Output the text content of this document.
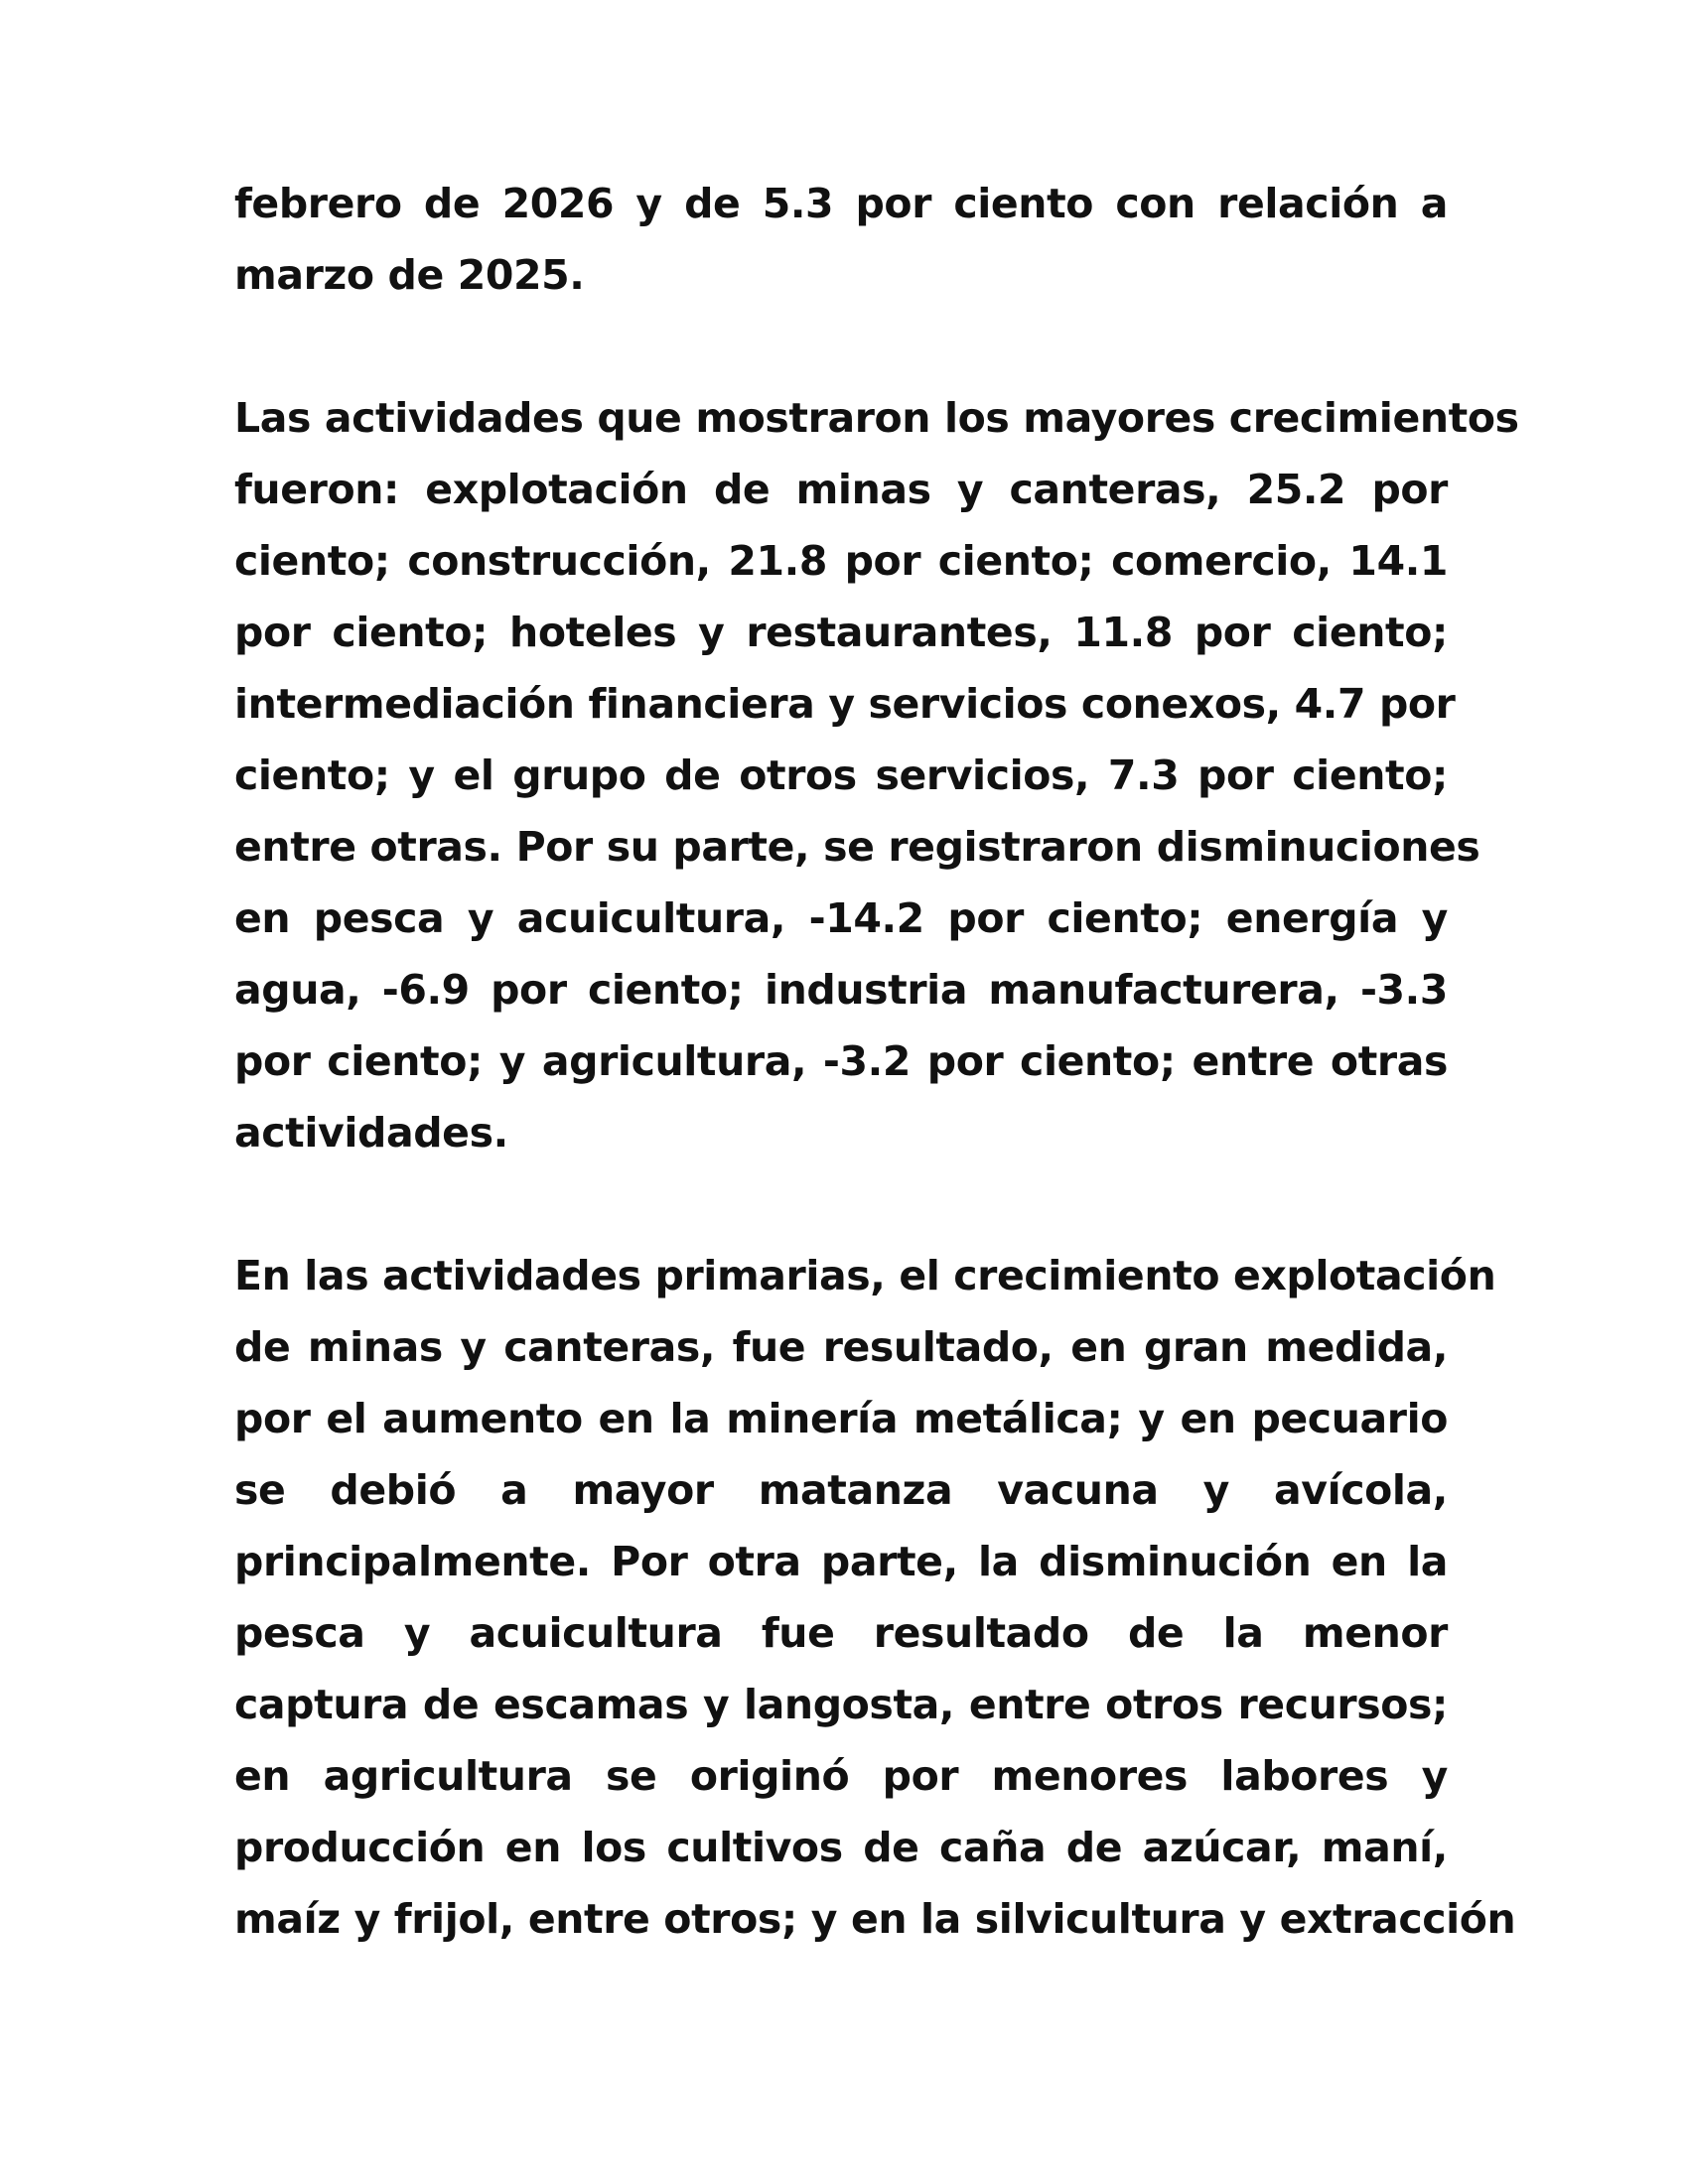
febrero de 2026 y de 5.3 por ciento con relación a
marzo de 2025.
Las actividades que mostraron los mayores crecimientos
fueron: explotación de minas y canteras, 25.2 por
ciento; construcción, 21.8 por ciento; comercio, 14.1
por ciento; hoteles y restaurantes, 11.8 por ciento;
intermediación financiera y servicios conexos, 4.7 por
ciento; y el grupo de otros servicios, 7.3 por ciento;
entre otras. Por su parte, se registraron disminuciones
en pesca y acuicultura, -14.2 por ciento; energía y
agua, -6.9 por ciento; industria manufacturera, -3.3
por ciento; y agricultura, -3.2 por ciento; entre otras
actividades.
En las actividades primarias, el crecimiento explotación
de minas y canteras, fue resultado, en gran medida,
por el aumento en la minería metálica; y en pecuario
se debió a mayor matanza vacuna y avícola,
principalmente. Por otra parte, la disminución en la
pesca y acuicultura fue resultado de la menor
captura de escamas y langosta, entre otros recursos;
en agricultura se originó por menores labores y
producción en los cultivos de caña de azúcar, maní,
maíz y frijol, entre otros; y en la silvicultura y extracción
